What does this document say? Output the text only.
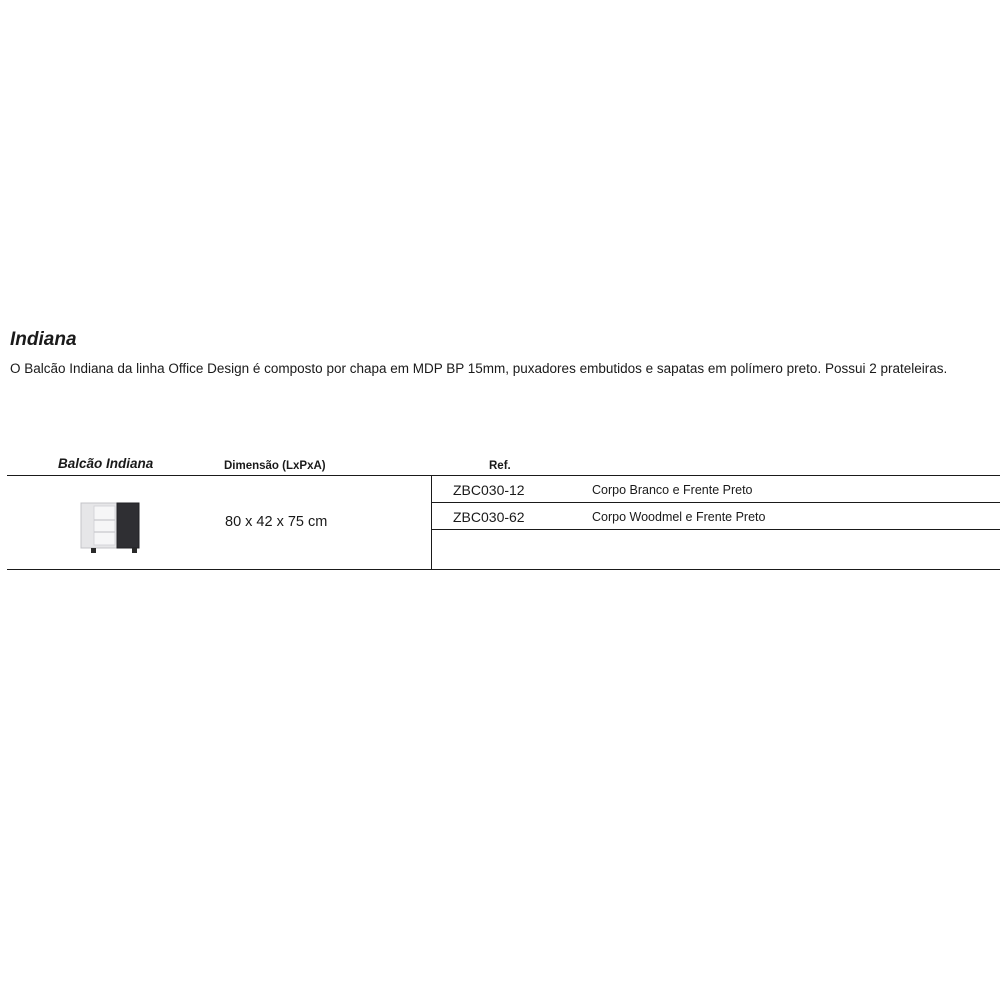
Indiana

O Balcão Indiana da linha Office Design é composto por chapa em MDP BP 15mm, puxadores embutidos e sapatas em polímero preto. Possui 2 prateleiras.

Balcão Indiana	Dimensão (LxPxA)	Ref.
80 x 42 x 75 cm
ZBC030-12	Corpo Branco e Frente Preto
ZBC030-62	Corpo Woodmel e Frente Preto
